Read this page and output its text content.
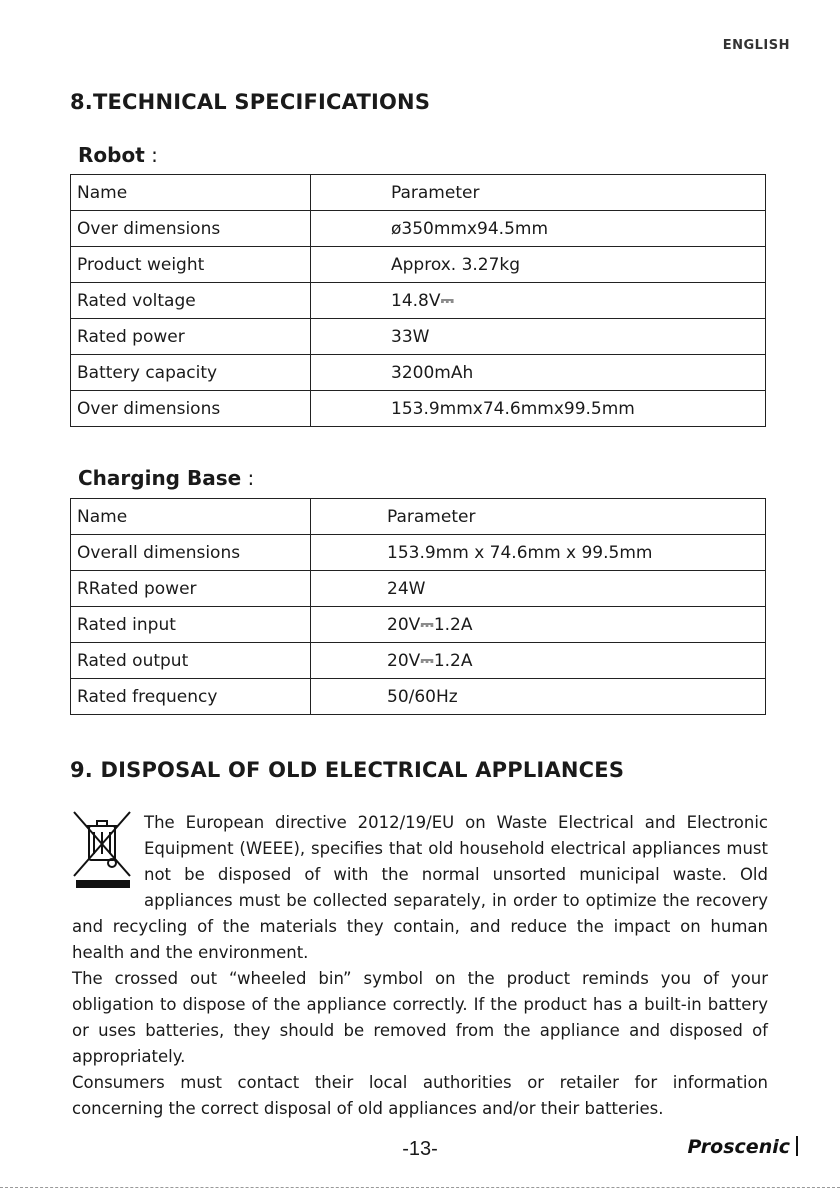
ENGLISH
8.TECHNICAL SPECIFICATIONS
Robot :
Name	Parameter
Over dimensions	ø350mmx94.5mm
Product weight	Approx. 3.27kg
Rated voltage	14.8V⎓
Rated power	33W
Battery capacity	3200mAh
Over dimensions	153.9mmx74.6mmx99.5mm
Charging Base :
Name	Parameter
Overall dimensions	153.9mm x 74.6mm x 99.5mm
RRated power	24W
Rated input	20V⎓1.2A
Rated output	20V⎓1.2A
Rated frequency	50/60Hz
9. DISPOSAL OF OLD ELECTRICAL APPLIANCES

The European directive 2012/19/EU on Waste Electrical and Electronic Equipment (WEEE), specifies that old household electrical appliances must not be disposed of with the normal unsorted municipal waste. Old appliances must be collected separately, in order to optimize the recovery and recycling of the materials they contain, and reduce the impact on human health and the environment.

The crossed out “wheeled bin” symbol on the product reminds you of your obligation to dispose of the appliance correctly. If the product has a built-in battery or uses batteries, they should be removed from the appliance and disposed of appropriately.

Consumers must contact their local authorities or retailer for information concerning the correct disposal of old appliances and/or their batteries.

-13-	Proscenic
